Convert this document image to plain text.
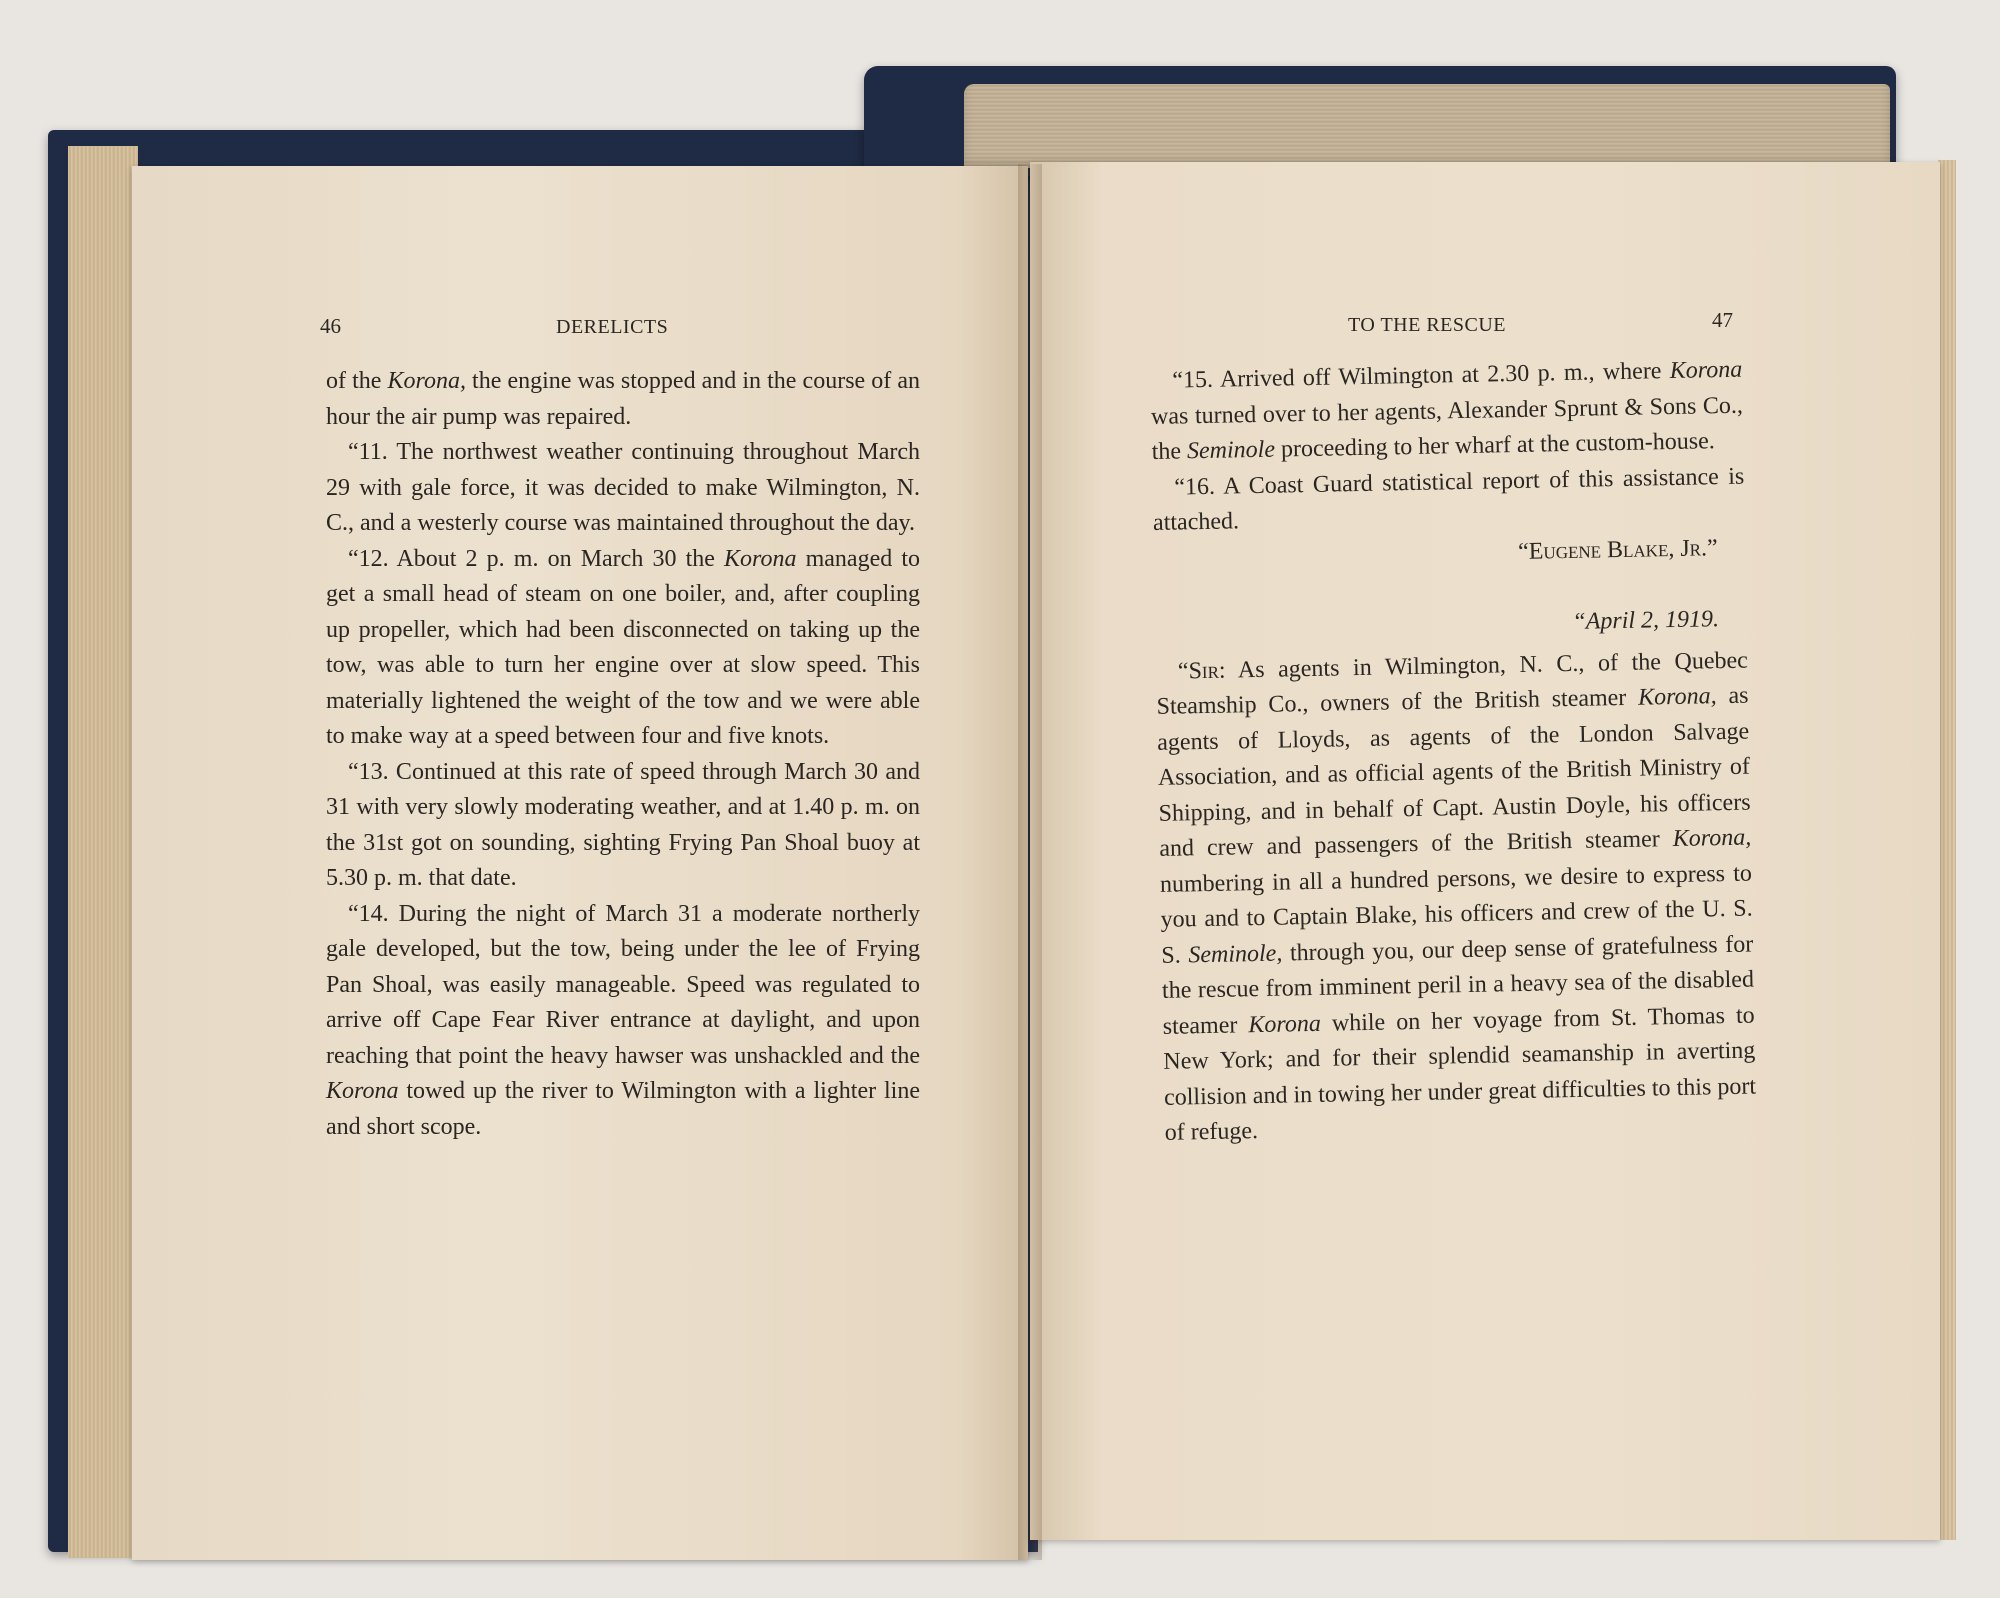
46	DERELICTS

of the Korona, the engine was stopped and in the course of an hour the air pump was repaired.

“11. The northwest weather continuing throughout March 29 with gale force, it was decided to make Wilmington, N. C., and a westerly course was maintained throughout the day.

“12. About 2 p. m. on March 30 the Korona managed to get a small head of steam on one boiler, and, after coupling up propeller, which had been disconnected on taking up the tow, was able to turn her engine over at slow speed. This materially lightened the weight of the tow and we were able to make way at a speed between four and five knots.

“13. Continued at this rate of speed through March 30 and 31 with very slowly moderating weather, and at 1.40 p. m. on the 31st got on sounding, sighting Frying Pan Shoal buoy at 5.30 p. m. that date.

“14. During the night of March 31 a moderate northerly gale developed, but the tow, being under the lee of Frying Pan Shoal, was easily manageable. Speed was regulated to arrive off Cape Fear River entrance at daylight, and upon reaching that point the heavy hawser was unshackled and the Korona towed up the river to Wilmington with a lighter line and short scope.

TO THE RESCUE	47

“15. Arrived off Wilmington at 2.30 p. m., where Korona was turned over to her agents, Alexander Sprunt & Sons Co., the Seminole proceeding to her wharf at the custom-house.

“16. A Coast Guard statistical report of this assistance is attached.

“Eugene Blake, Jr.”

“April 2, 1919.

“Sir: As agents in Wilmington, N. C., of the Quebec Steamship Co., owners of the British steamer Korona, as agents of Lloyds, as agents of the London Salvage Association, and as official agents of the British Ministry of Shipping, and in behalf of Capt. Austin Doyle, his officers and crew and passengers of the British steamer Korona, numbering in all a hundred persons, we desire to express to you and to Captain Blake, his officers and crew of the U. S. S. Seminole, through you, our deep sense of gratefulness for the rescue from imminent peril in a heavy sea of the disabled steamer Korona while on her voyage from St. Thomas to New York; and for their splendid seamanship in averting collision and in towing her under great difficulties to this port of refuge.
